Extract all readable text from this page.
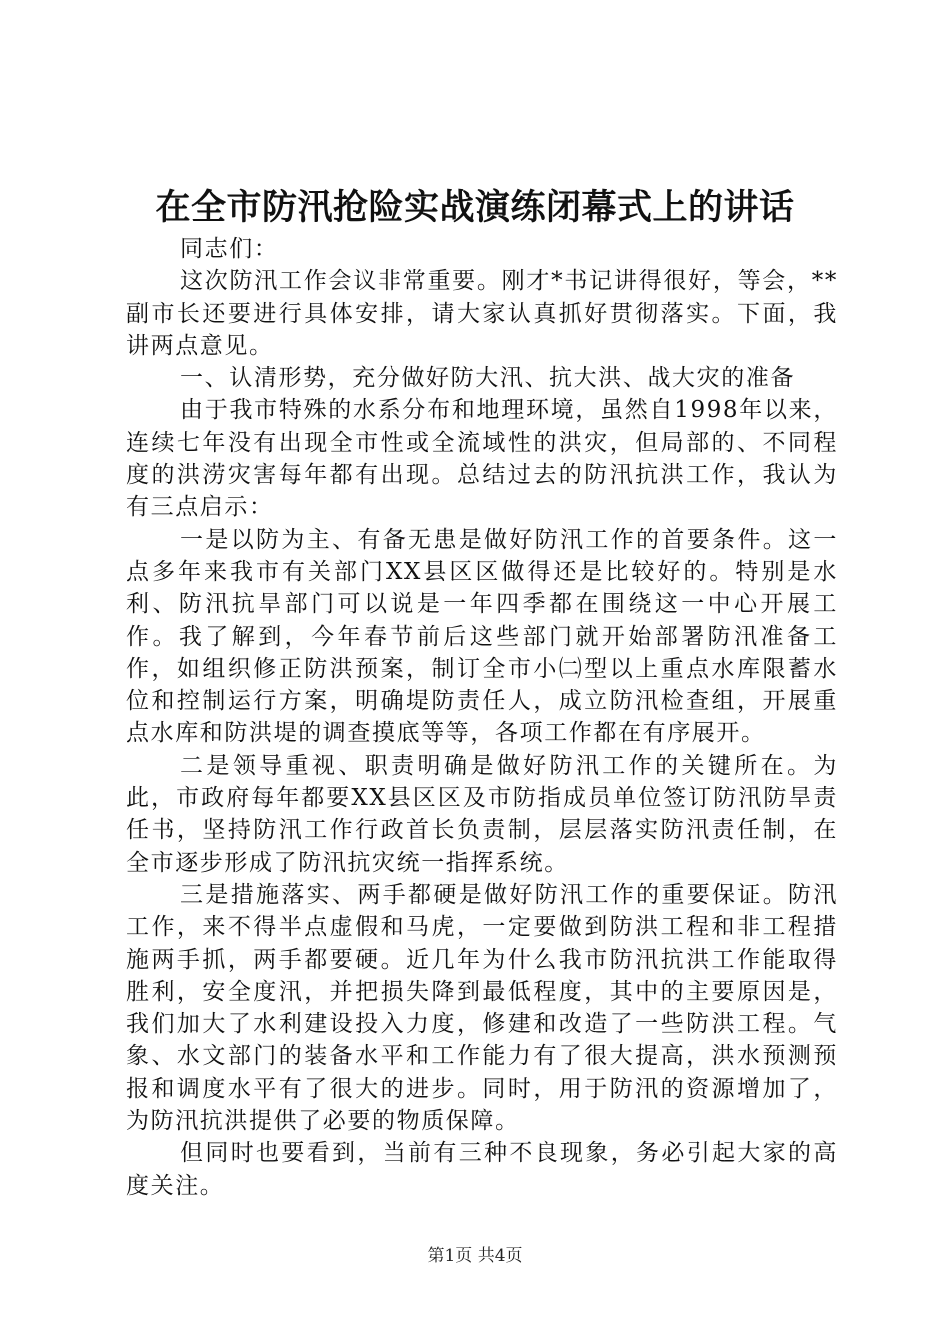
在全市防汛抢险实战演练闭幕式上的讲话

同志们：

这次防汛工作会议非常重要。刚才*书记讲得很好，等会，**副市长还要进行具体安排，请大家认真抓好贯彻落实。下面，我讲两点意见。

一、认清形势，充分做好防大汛、抗大洪、战大灾的准备

由于我市特殊的水系分布和地理环境，虽然自1998年以来，连续七年没有出现全市性或全流域性的洪灾，但局部的、不同程度的洪涝灾害每年都有出现。总结过去的防汛抗洪工作，我认为有三点启示：

一是以防为主、有备无患是做好防汛工作的首要条件。这一点多年来我市有关部门XX县区区做得还是比较好的。特别是水利、防汛抗旱部门可以说是一年四季都在围绕这一中心开展工作。我了解到，今年春节前后这些部门就开始部署防汛准备工作，如组织修正防洪预案，制订全市小㈡型以上重点水库限蓄水位和控制运行方案，明确堤防责任人，成立防汛检查组，开展重点水库和防洪堤的调查摸底等等，各项工作都在有序展开。

二是领导重视、职责明确是做好防汛工作的关键所在。为此，市政府每年都要XX县区区及市防指成员单位签订防汛防旱责任书，坚持防汛工作行政首长负责制，层层落实防汛责任制，在全市逐步形成了防汛抗灾统一指挥系统。

三是措施落实、两手都硬是做好防汛工作的重要保证。防汛工作，来不得半点虚假和马虎，一定要做到防洪工程和非工程措施两手抓，两手都要硬。近几年为什么我市防汛抗洪工作能取得胜利，安全度汛，并把损失降到最低程度，其中的主要原因是，我们加大了水利建设投入力度，修建和改造了一些防洪工程。气象、水文部门的装备水平和工作能力有了很大提高，洪水预测预报和调度水平有了很大的进步。同时，用于防汛的资源增加了，为防汛抗洪提供了必要的物质保障。

但同时也要看到，当前有三种不良现象，务必引起大家的高度关注。

第1页 共4页
